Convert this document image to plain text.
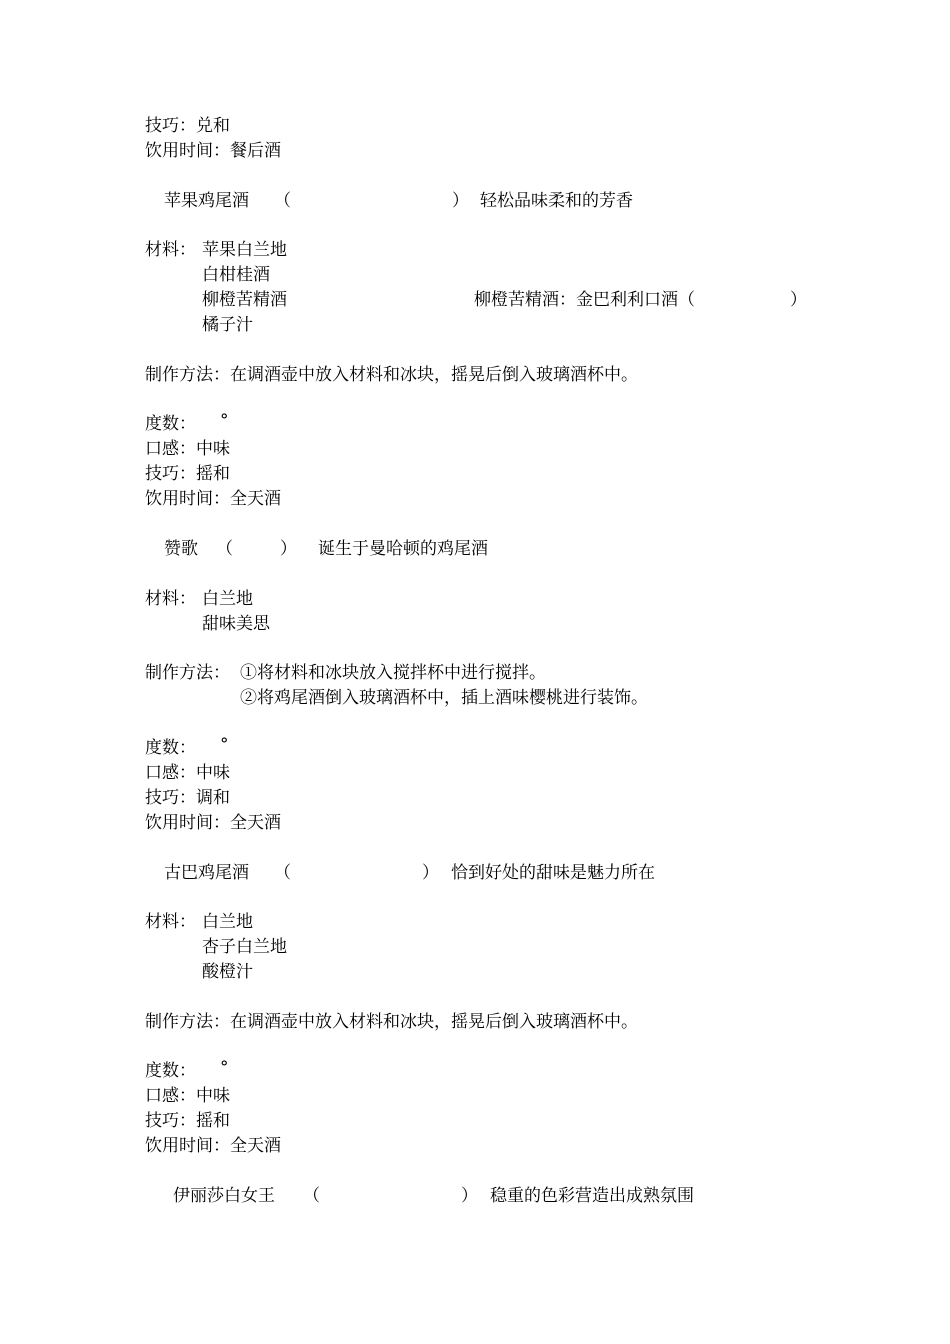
技巧：兑和
饮用时间：餐后酒
苹果鸡尾酒 （	） 轻松品味柔和的芳香
材料： 苹果白兰地
白柑桂酒
柳橙苦精酒	柳橙苦精酒：金巴利利口酒（	）
橘子汁
制作方法：在调酒壶中放入材料和冰块，摇晃后倒入玻璃酒杯中。
度数： °
口感：中味
技巧：摇和
饮用时间：全天酒
赞歌 （	） 诞生于曼哈顿的鸡尾酒
材料： 白兰地
甜味美思
制作方法： ①将材料和冰块放入搅拌杯中进行搅拌。
②将鸡尾酒倒入玻璃酒杯中，插上酒味樱桃进行装饰。
度数： °
口感：中味
技巧：调和
饮用时间：全天酒
古巴鸡尾酒 （	） 恰到好处的甜味是魅力所在
材料： 白兰地
杏子白兰地
酸橙汁
制作方法：在调酒壶中放入材料和冰块，摇晃后倒入玻璃酒杯中。
度数： °
口感：中味
技巧：摇和
饮用时间：全天酒
伊丽莎白女王 （	） 稳重的色彩营造出成熟氛围
